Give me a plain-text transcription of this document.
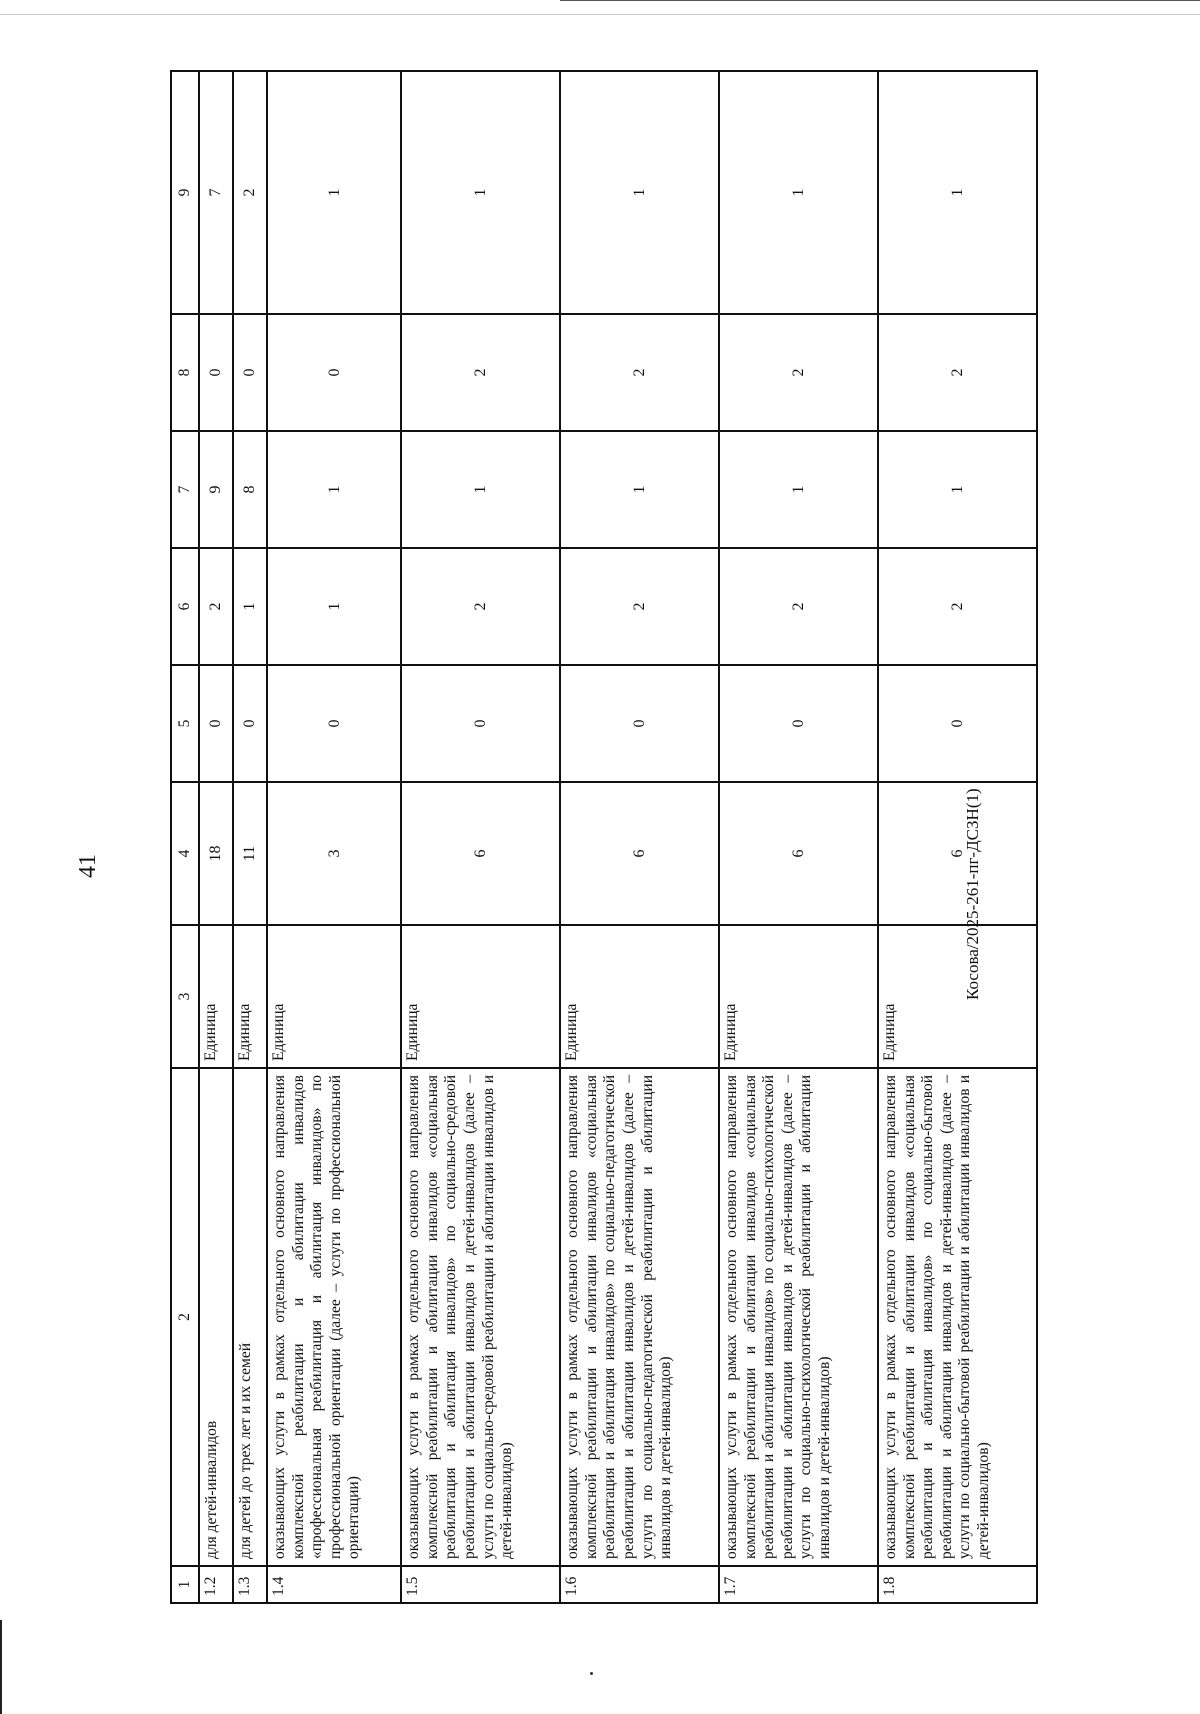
41
1	2	3	4	5	6	7	8	9
1.2	для детей-инвалидов	Единица	18	0	2	9	0	7
1.3	для детей до трех лет и их семей	Единица	11	0	1	8	0	2
1.4	оказывающих услуги в рамках отдельного основного направления комплексной реабилитации и абилитации инвалидов «профессиональная реабилитация и абилитация инвалидов» по профессиональной ориентации (далее – услуги по профессиональной ориентации)	Единица	3	0	1	1	0	1
1.5	оказывающих услуги в рамках отдельного основного направления комплексной реабилитации и абилитации инвалидов «социальная реабилитация и абилитация инвалидов» по социально-средовой реабилитации и абилитации инвалидов и детей-инвалидов (далее – услуги по социально-средовой реабилитации и абилитации инвалидов и детей-инвалидов)	Единица	6	0	2	1	2	1
1.6	оказывающих услуги в рамках отдельного основного направления комплексной реабилитации и абилитации инвалидов «социальная реабилитация и абилитация инвалидов» по социально-педагогической реабилитации и абилитации инвалидов и детей-инвалидов (далее – услуги по социально-педагогической реабилитации и абилитации инвалидов и детей-инвалидов)	Единица	6	0	2	1	2	1
1.7	оказывающих услуги в рамках отдельного основного направления комплексной реабилитации и абилитации инвалидов «социальная реабилитация и абилитация инвалидов» по социально-психологической реабилитации и абилитации инвалидов и детей-инвалидов (далее – услуги по социально-психологической реабилитации и абилитации инвалидов и детей-инвалидов)	Единица	6	0	2	1	2	1
1.8	оказывающих услуги в рамках отдельного основного направления комплексной реабилитации и абилитации инвалидов «социальная реабилитация и абилитация инвалидов» по социально-бытовой реабилитации и абилитации инвалидов и детей-инвалидов (далее – услуги по социально-бытовой реабилитации и абилитации инвалидов и детей-инвалидов)	Единица	6	0	2	1	2	1
Косова/2025-261-пг-ДСЗН(1)
